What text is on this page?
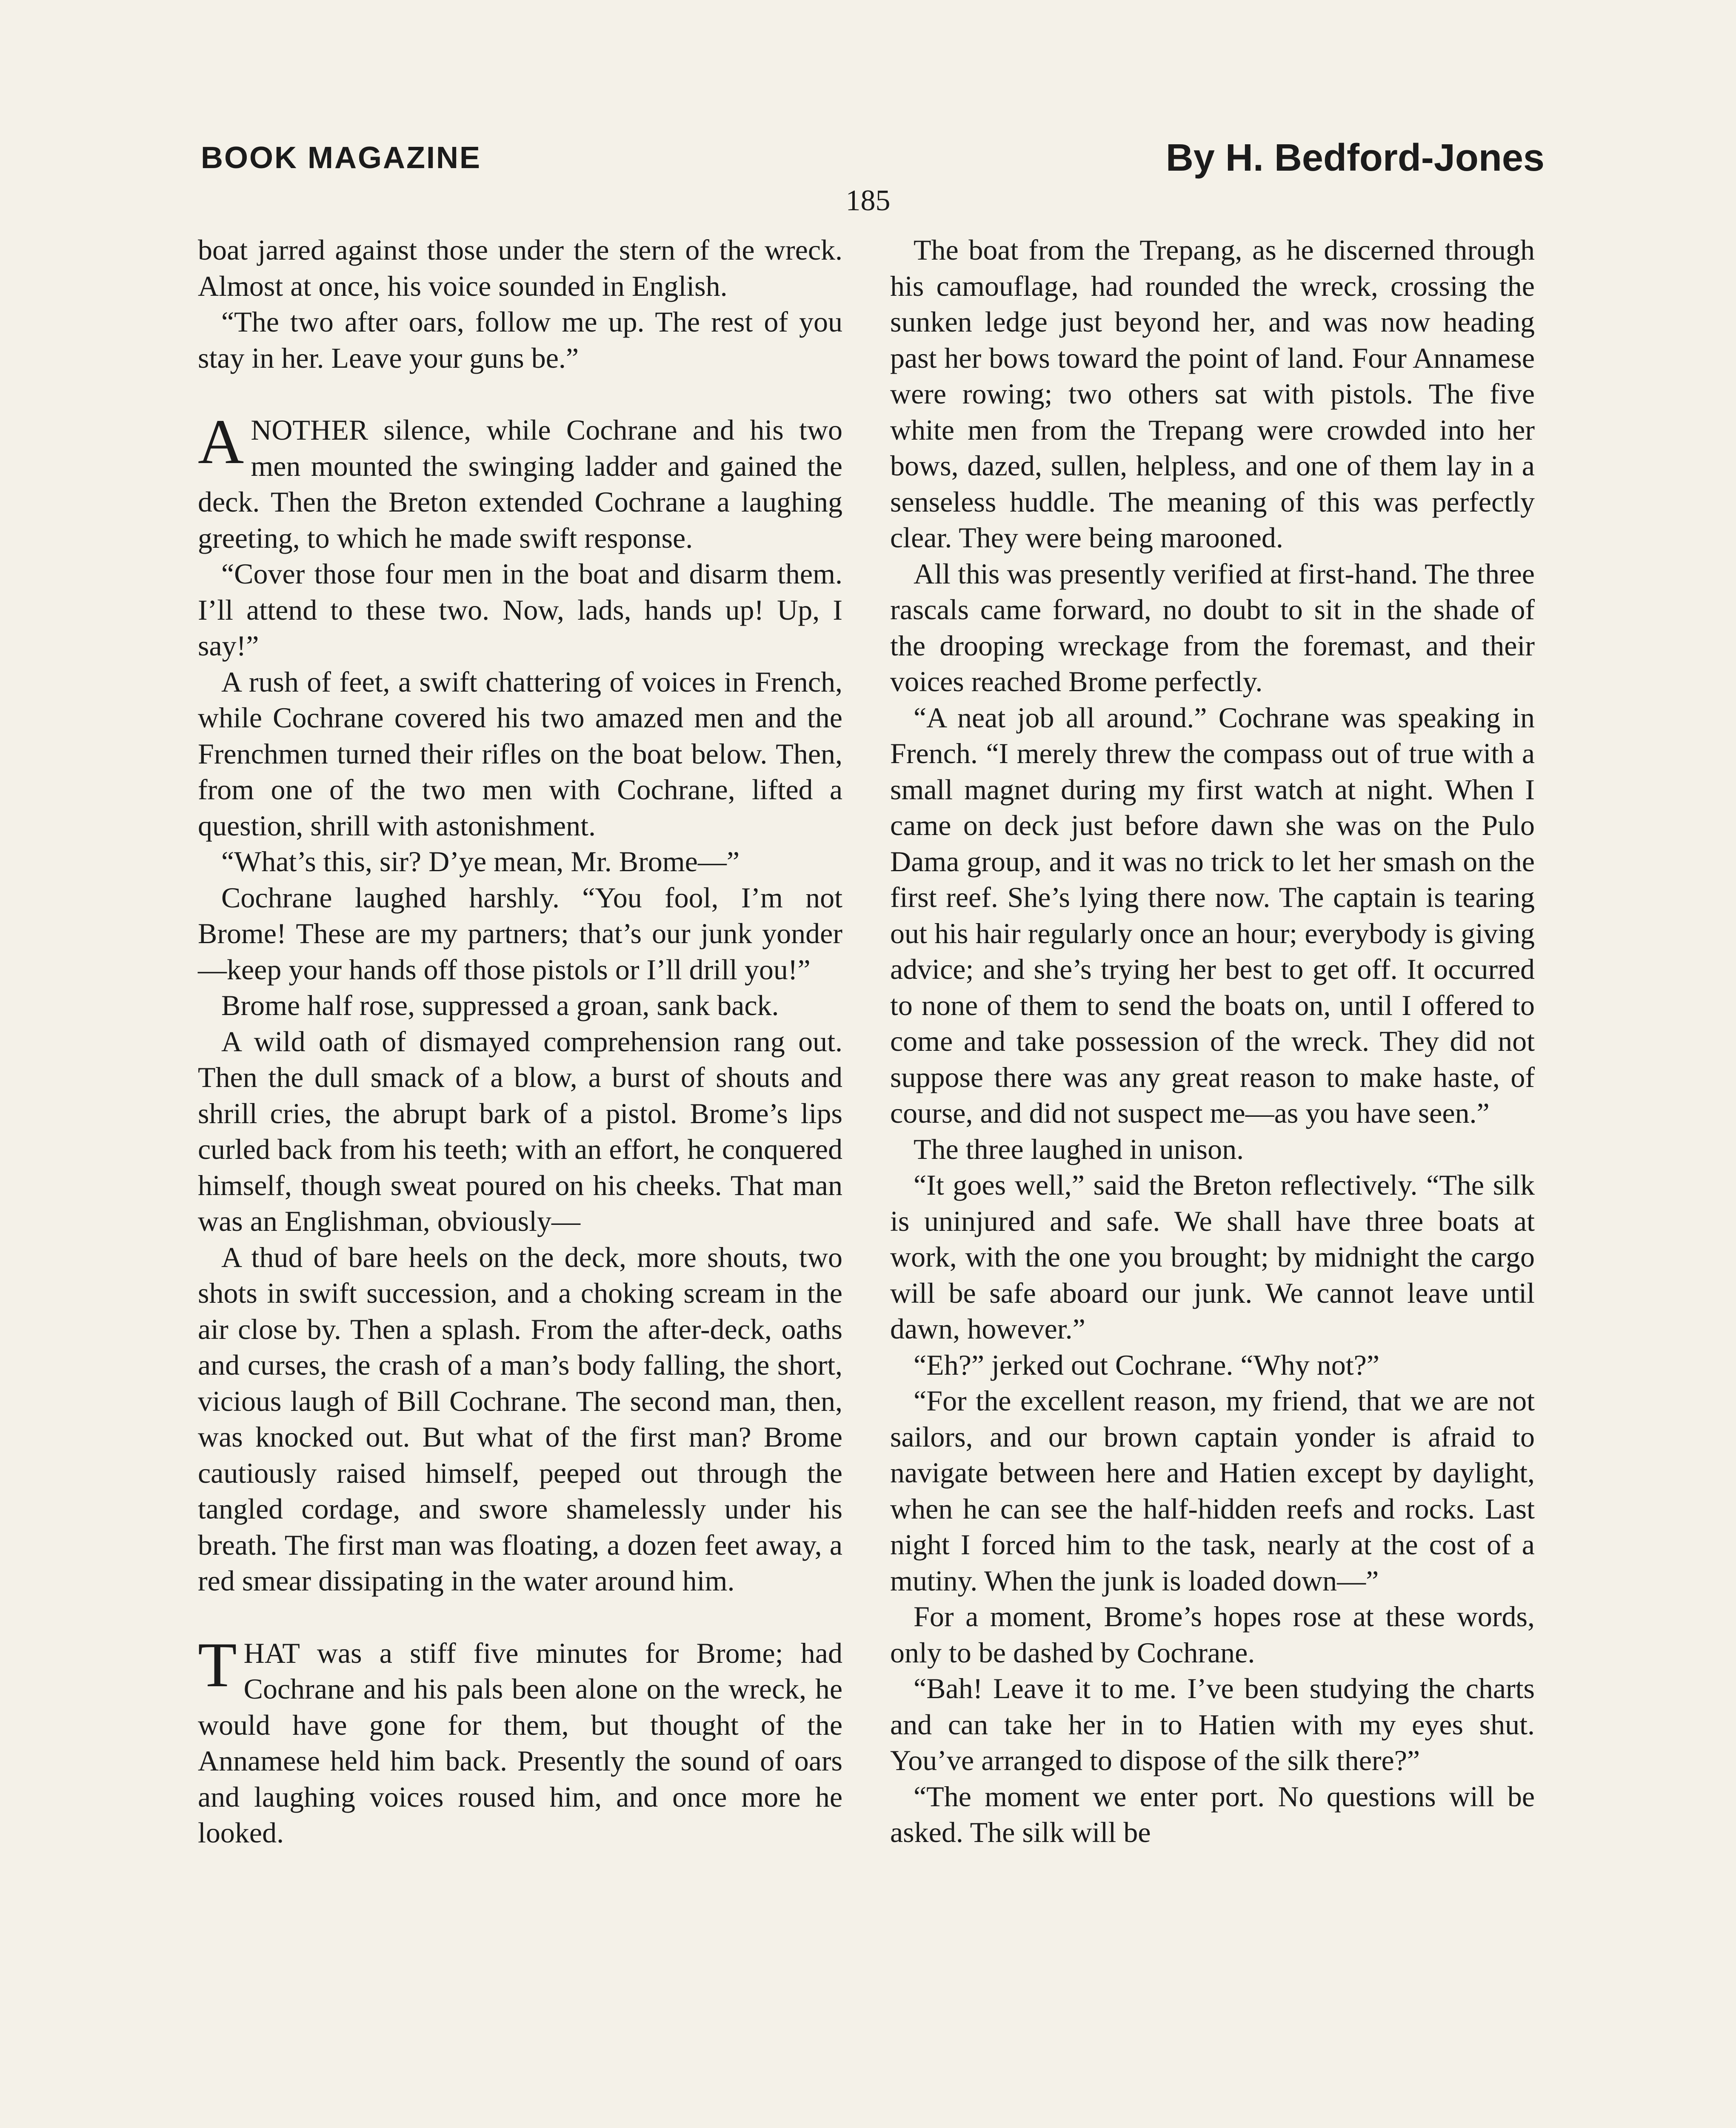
BOOK MAGAZINE	By H. Bedford-Jones
185

boat jarred against those under the stern of the wreck. Almost at once, his voice sounded in English.

“The two after oars, follow me up. The rest of you stay in her. Leave your guns be.”

ANOTHER silence, while Cochrane and his two men mounted the swinging ladder and gained the deck. Then the Breton extended Cochrane a laughing greeting, to which he made swift response.

“Cover those four men in the boat and disarm them. I’ll attend to these two. Now, lads, hands up! Up, I say!”

A rush of feet, a swift chattering of voices in French, while Cochrane covered his two amazed men and the Frenchmen turned their rifles on the boat below. Then, from one of the two men with Cochrane, lifted a question, shrill with astonishment.

“What’s this, sir? D’ye mean, Mr. Brome—”

Cochrane laughed harshly. “You fool, I’m not Brome! These are my partners; that’s our junk yonder—keep your hands off those pistols or I’ll drill you!”

Brome half rose, suppressed a groan, sank back.

A wild oath of dismayed comprehension rang out. Then the dull smack of a blow, a burst of shouts and shrill cries, the abrupt bark of a pistol. Brome’s lips curled back from his teeth; with an effort, he conquered himself, though sweat poured on his cheeks. That man was an Englishman, obviously—

A thud of bare heels on the deck, more shouts, two shots in swift succession, and a choking scream in the air close by. Then a splash. From the after-deck, oaths and curses, the crash of a man’s body falling, the short, vicious laugh of Bill Cochrane. The second man, then, was knocked out. But what of the first man? Brome cautiously raised himself, peeped out through the tangled cordage, and swore shamelessly under his breath. The first man was floating, a dozen feet away, a red smear dissipating in the water around him.

THAT was a stiff five minutes for Brome; had Cochrane and his pals been alone on the wreck, he would have gone for them, but thought of the Annamese held him back. Presently the sound of oars and laughing voices roused him, and once more he looked.

The boat from the Trepang, as he discerned through his camouflage, had rounded the wreck, crossing the sunken ledge just beyond her, and was now heading past her bows toward the point of land. Four Annamese were rowing; two others sat with pistols. The five white men from the Trepang were crowded into her bows, dazed, sullen, helpless, and one of them lay in a senseless huddle. The meaning of this was perfectly clear. They were being marooned.

All this was presently verified at first-hand. The three rascals came forward, no doubt to sit in the shade of the drooping wreckage from the foremast, and their voices reached Brome perfectly.

“A neat job all around.” Cochrane was speaking in French. “I merely threw the compass out of true with a small magnet during my first watch at night. When I came on deck just before dawn she was on the Pulo Dama group, and it was no trick to let her smash on the first reef. She’s lying there now. The captain is tearing out his hair regularly once an hour; everybody is giving advice; and she’s trying her best to get off. It occurred to none of them to send the boats on, until I offered to come and take possession of the wreck. They did not suppose there was any great reason to make haste, of course, and did not suspect me—as you have seen.”

The three laughed in unison.

“It goes well,” said the Breton reflectively. “The silk is uninjured and safe. We shall have three boats at work, with the one you brought; by midnight the cargo will be safe aboard our junk. We cannot leave until dawn, however.”

“Eh?” jerked out Cochrane. “Why not?”

“For the excellent reason, my friend, that we are not sailors, and our brown captain yonder is afraid to navigate between here and Hatien except by daylight, when he can see the half-hidden reefs and rocks. Last night I forced him to the task, nearly at the cost of a mutiny. When the junk is loaded down—”

For a moment, Brome’s hopes rose at these words, only to be dashed by Cochrane.

“Bah! Leave it to me. I’ve been studying the charts and can take her in to Hatien with my eyes shut. You’ve arranged to dispose of the silk there?”

“The moment we enter port. No questions will be asked. The silk will be
